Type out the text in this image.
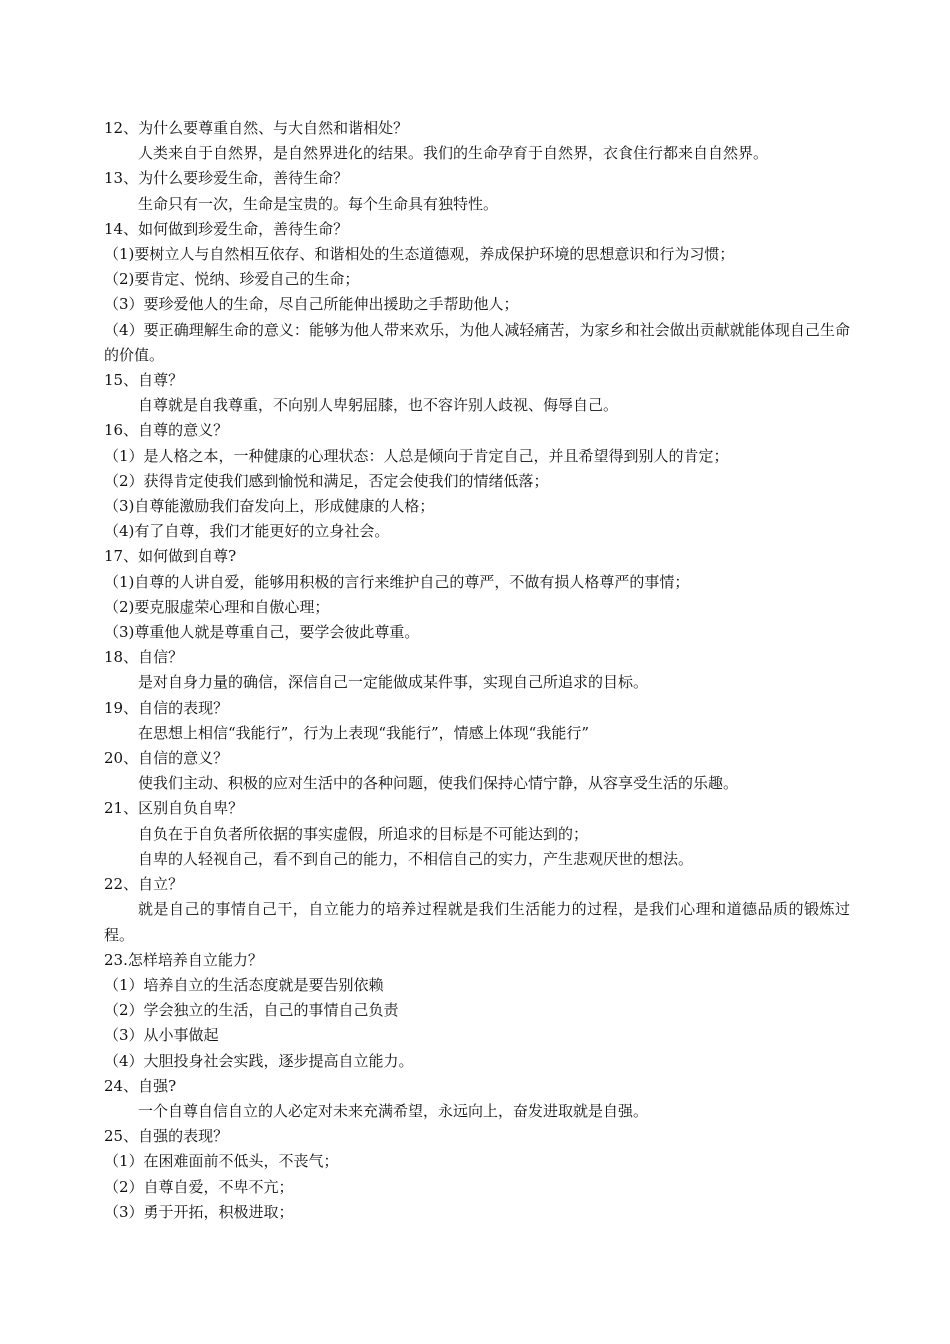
12、为什么要尊重自然、与大自然和谐相处？
人类来自于自然界，是自然界进化的结果。我们的生命孕育于自然界，衣食住行都来自自然界。
13、为什么要珍爱生命，善待生命？
生命只有一次，生命是宝贵的。每个生命具有独特性。
14、如何做到珍爱生命，善待生命？
（1)要树立人与自然相互依存、和谐相处的生态道德观，养成保护环境的思想意识和行为习惯；
（2)要肯定、悦纳、珍爱自己的生命；
（3）要珍爱他人的生命，尽自己所能伸出援助之手帮助他人；
（4）要正确理解生命的意义：能够为他人带来欢乐，为他人减轻痛苦，为家乡和社会做出贡献就能体现自己生命的价值。
15、自尊？
自尊就是自我尊重，不向别人卑躬屈膝，也不容许别人歧视、侮辱自己。
16、自尊的意义？
（1）是人格之本，一种健康的心理状态：人总是倾向于肯定自己，并且希望得到别人的肯定；
（2）获得肯定使我们感到愉悦和满足，否定会使我们的情绪低落；
（3)自尊能激励我们奋发向上，形成健康的人格；
（4)有了自尊，我们才能更好的立身社会。
17、如何做到自尊?
（1)自尊的人讲自爱，能够用积极的言行来维护自己的尊严，不做有损人格尊严的事情；
（2)要克服虚荣心理和自傲心理；
（3)尊重他人就是尊重自己，要学会彼此尊重。
18、自信？
是对自身力量的确信，深信自己一定能做成某件事，实现自己所追求的目标。
19、自信的表现？
在思想上相信“我能行”，行为上表现“我能行”，情感上体现“我能行”
20、自信的意义？
使我们主动、积极的应对生活中的各种问题，使我们保持心情宁静，从容享受生活的乐趣。
21、区别自负自卑？
自负在于自负者所依据的事实虚假，所追求的目标是不可能达到的；
自卑的人轻视自己，看不到自己的能力，不相信自己的实力，产生悲观厌世的想法。
22、自立？
就是自己的事情自己干，自立能力的培养过程就是我们生活能力的过程，是我们心理和道德品质的锻炼过程。
23.怎样培养自立能力？
（1）培养自立的生活态度就是要告别依赖
（2）学会独立的生活，自己的事情自己负责
（3）从小事做起
（4）大胆投身社会实践，逐步提高自立能力。
24、自强?
一个自尊自信自立的人必定对未来充满希望，永远向上，奋发进取就是自强。
25、自强的表现？
（1）在困难面前不低头，不丧气；
（2）自尊自爱，不卑不亢；
（3）勇于开拓，积极进取；
